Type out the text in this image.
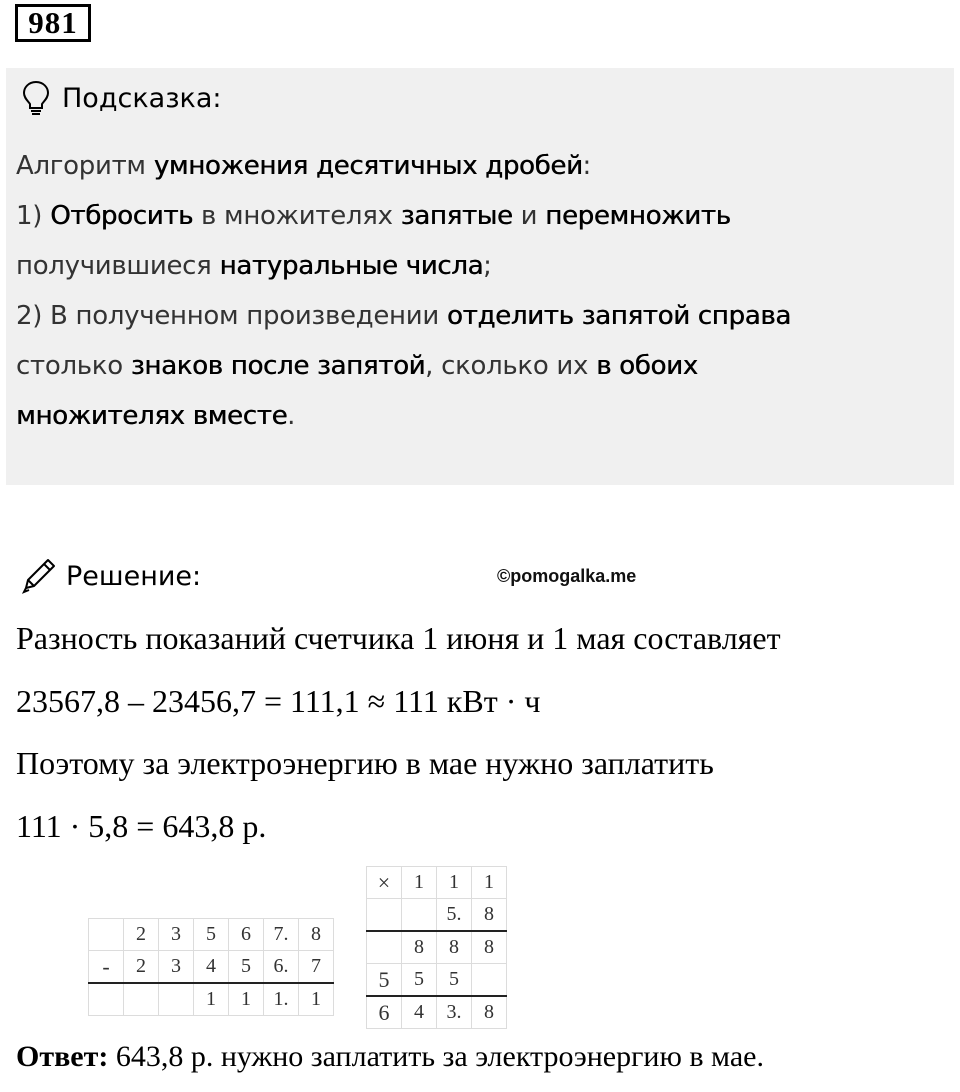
981
Подсказка:
Алгоритм умножения десятичных дробей:
1) Отбросить в множителях запятые и перемножить
получившиеся натуральные числа;
2) В полученном произведении отделить запятой справа
столько знаков после запятой, сколько их в обоих
множителях вместе.
Решение:	©pomogalka.me
Разность показаний счетчика 1 июня и 1 мая составляет
23567,8 – 23456,7 = 111,1 ≈ 111 кВт · ч
Поэтому за электроэнергию в мае нужно заплатить
111 · 5,8 = 643,8 р.
	2	3	5	6	7.	8
-	2	3	4	5	6.	7
			1	1	1.	1
×	1	1	1
		5.	8
	8	8	8
5	5	5	
6	4	3.	8
Ответ: 643,8 р. нужно заплатить за электроэнергию в мае.
